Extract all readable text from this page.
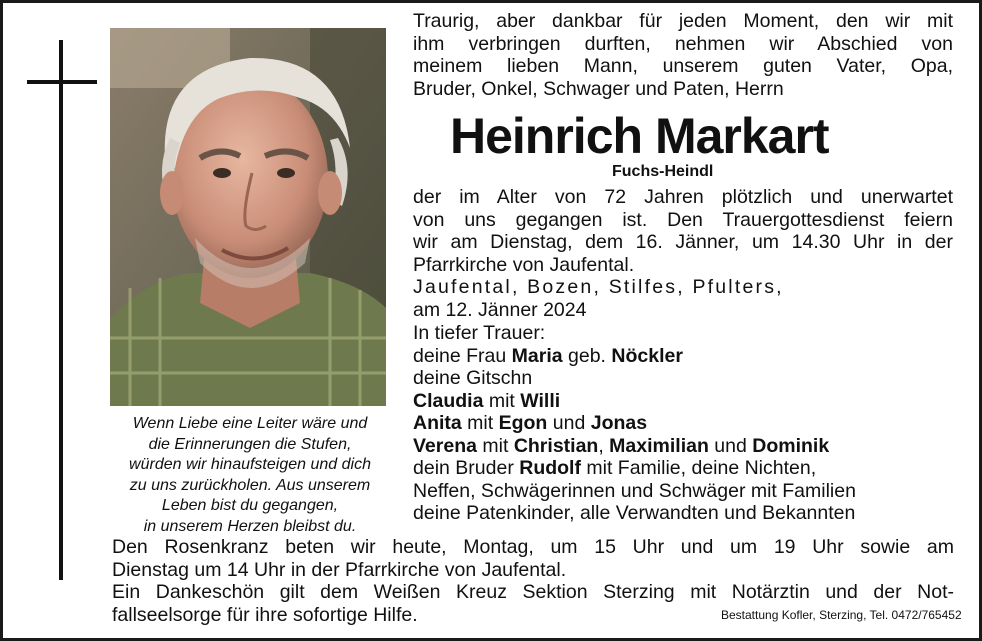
Wenn Liebe eine Leiter wäre und
die Erinnerungen die Stufen,
würden wir hinaufsteigen und dich
zu uns zurückholen. Aus unserem
Leben bist du gegangen,
in unserem Herzen bleibst du.
Traurig, aber dankbar für jeden Moment, den wir mit
ihm verbringen durften, nehmen wir Abschied von
meinem lieben Mann, unserem guten Vater, Opa,
Bruder, Onkel, Schwager und Paten, Herrn
Heinrich Markart
Fuchs-Heindl
der im Alter von 72 Jahren plötzlich und unerwartet
von uns gegangen ist. Den Trauergottesdienst feiern
wir am Dienstag, dem 16. Jänner, um 14.30 Uhr in der
Pfarrkirche von Jaufental.
Jaufental, Bozen, Stilfes, Pfulters,
am 12. Jänner 2024
In tiefer Trauer:
deine Frau Maria geb. Nöckler
deine Gitschn
Claudia mit Willi
Anita mit Egon und Jonas
Verena mit Christian, Maximilian und Dominik
dein Bruder Rudolf mit Familie, deine Nichten,
Neffen, Schwägerinnen und Schwäger mit Familien
deine Patenkinder, alle Verwandten und Bekannten
Den Rosenkranz beten wir heute, Montag, um 15 Uhr und um 19 Uhr sowie am
Dienstag um 14 Uhr in der Pfarrkirche von Jaufental.
Ein Dankeschön gilt dem Weißen Kreuz Sektion Sterzing mit Notärztin und der Not-
fallseelsorge für ihre sofortige Hilfe.	Bestattung Kofler, Sterzing, Tel. 0472/765452
